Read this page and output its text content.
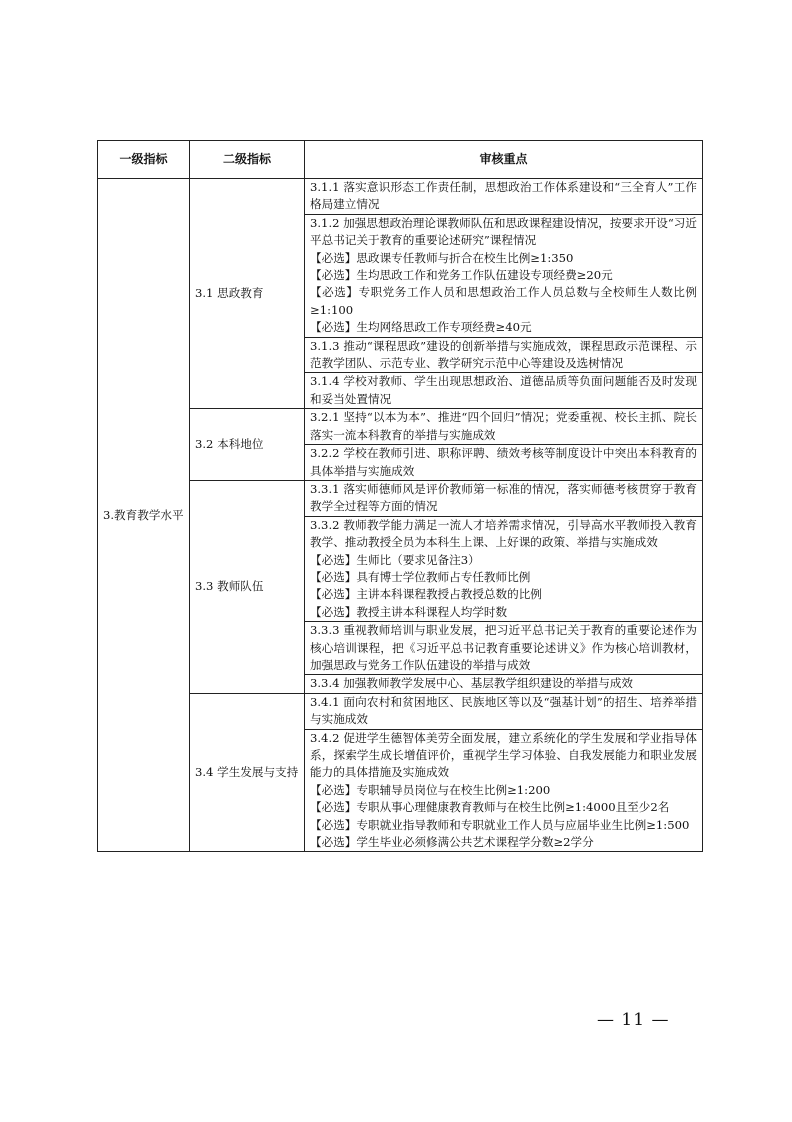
一级指标	二级指标	审核重点
3.教育教学水平	3.1 思政教育	3.1.1 落实意识形态工作责任制，思想政治工作体系建设和“三全育人”工作格局建立情况

		3.1.2 加强思想政治理论课教师队伍和思政课程建设情况，按要求开设“习近平总书记关于教育的重要论述研究”课程情况
【必选】思政课专任教师与折合在校生比例≥1:350
【必选】生均思政工作和党务工作队伍建设专项经费≥20元
【必选】专职党务工作人员和思想政治工作人员总数与全校师生人数比例≥1:100
【必选】生均网络思政工作专项经费≥40元

		3.1.3 推动“课程思政”建设的创新举措与实施成效，课程思政示范课程、示范教学团队、示范专业、教学研究示范中心等建设及选树情况

		3.1.4 学校对教师、学生出现思想政治、道德品质等负面问题能否及时发现和妥当处置情况

	3.2 本科地位	3.2.1 坚持“以本为本”、推进“四个回归”情况；党委重视、校长主抓、院长落实一流本科教育的举措与实施成效

		3.2.2 学校在教师引进、职称评聘、绩效考核等制度设计中突出本科教育的具体举措与实施成效

	3.3 教师队伍	3.3.1 落实师德师风是评价教师第一标准的情况，落实师德考核贯穿于教育教学全过程等方面的情况

		3.3.2 教师教学能力满足一流人才培养需求情况，引导高水平教师投入教育教学、推动教授全员为本科生上课、上好课的政策、举措与实施成效
【必选】生师比（要求见备注3）
【必选】具有博士学位教师占专任教师比例
【必选】主讲本科课程教授占教授总数的比例
【必选】教授主讲本科课程人均学时数

		3.3.3 重视教师培训与职业发展，把习近平总书记关于教育的重要论述作为核心培训课程，把《习近平总书记教育重要论述讲义》作为核心培训教材，加强思政与党务工作队伍建设的举措与成效

		3.3.4 加强教师教学发展中心、基层教学组织建设的举措与成效

	3.4 学生发展与支持	3.4.1 面向农村和贫困地区、民族地区等以及“强基计划”的招生、培养举措与实施成效

		3.4.2 促进学生德智体美劳全面发展，建立系统化的学生发展和学业指导体系，探索学生成长增值评价，重视学生学习体验、自我发展能力和职业发展能力的具体措施及实施成效
【必选】专职辅导员岗位与在校生比例≥1:200
【必选】专职从事心理健康教育教师与在校生比例≥1:4000且至少2名
【必选】专职就业指导教师和专职就业工作人员与应届毕业生比例≥1:500
【必选】学生毕业必须修满公共艺术课程学分数≥2学分
— 11 —
